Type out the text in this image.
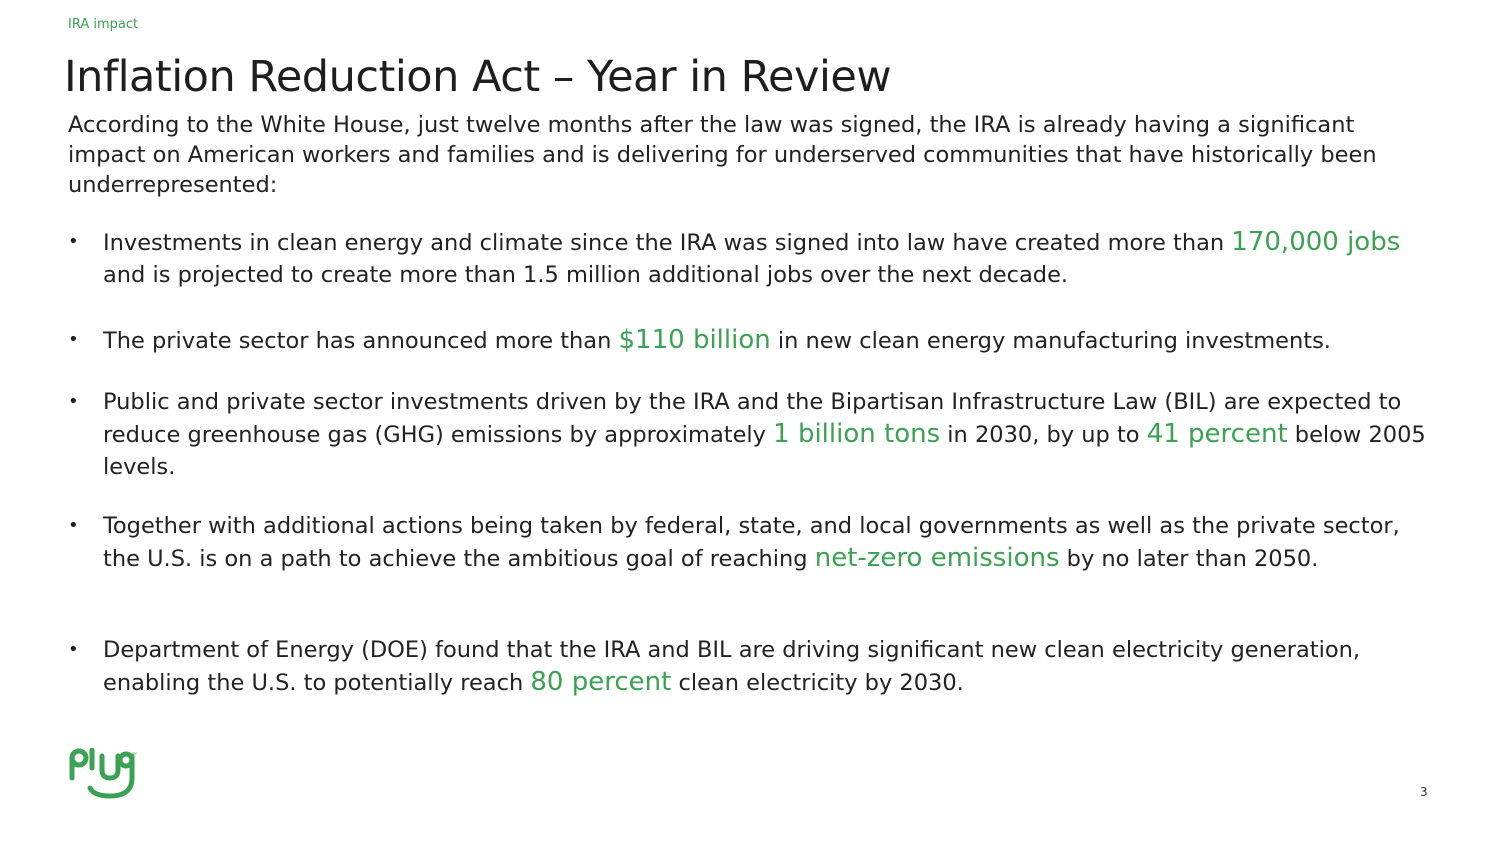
IRA impact
Inflation Reduction Act – Year in Review

According to the White House, just twelve months after the law was signed, the IRA is already having a significant impact on American workers and families and is delivering for underserved communities that have historically been underrepresented:

• Investments in clean energy and climate since the IRA was signed into law have created more than 170,000 jobs and is projected to create more than 1.5 million additional jobs over the next decade.
• The private sector has announced more than $110 billion in new clean energy manufacturing investments.
• Public and private sector investments driven by the IRA and the Bipartisan Infrastructure Law (BIL) are expected to reduce greenhouse gas (GHG) emissions by approximately 1 billion tons in 2030, by up to 41 percent below 2005 levels.
• Together with additional actions being taken by federal, state, and local governments as well as the private sector, the U.S. is on a path to achieve the ambitious goal of reaching net-zero emissions by no later than 2050.
• Department of Energy (DOE) found that the IRA and BIL are driving significant new clean electricity generation, enabling the U.S. to potentially reach 80 percent clean electricity by 2030.
™
3
